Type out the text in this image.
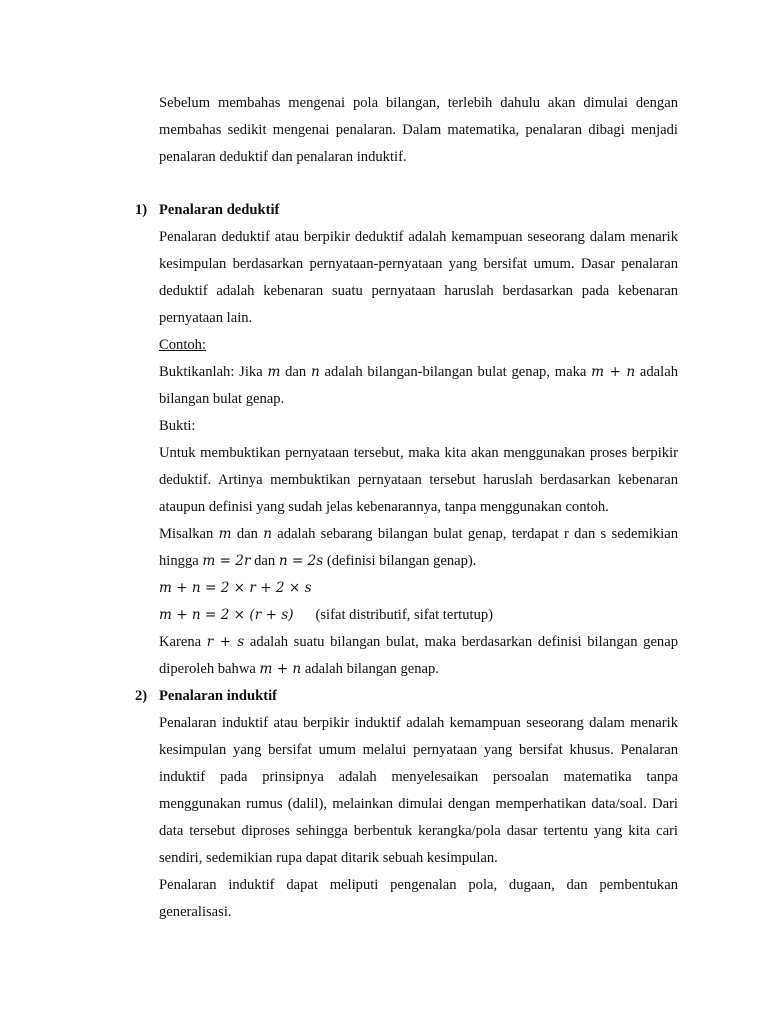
Sebelum membahas mengenai pola bilangan, terlebih dahulu akan dimulai dengan
membahas sedikit mengenai penalaran. Dalam matematika, penalaran dibagi menjadi
penalaran deduktif dan penalaran induktif.
1) Penalaran deduktif
Penalaran deduktif atau berpikir deduktif adalah kemampuan seseorang dalam menarik
kesimpulan berdasarkan pernyataan-pernyataan yang bersifat umum. Dasar penalaran
deduktif adalah kebenaran suatu pernyataan haruslah berdasarkan pada kebenaran
pernyataan lain.
Contoh:
Buktikanlah: Jika m dan n adalah bilangan-bilangan bulat genap, maka m + n adalah
bilangan bulat genap.
Bukti:
Untuk membuktikan pernyataan tersebut, maka kita akan menggunakan proses berpikir
deduktif. Artinya membuktikan pernyataan tersebut haruslah berdasarkan kebenaran
ataupun definisi yang sudah jelas kebenarannya, tanpa menggunakan contoh.
Misalkan m dan n adalah sebarang bilangan bulat genap, terdapat r dan s sedemikian
hingga m = 2r dan n = 2s (definisi bilangan genap).
m + n = 2 × r + 2 × s
m + n = 2 × (r + s) (sifat distributif, sifat tertutup)
Karena r + s adalah suatu bilangan bulat, maka berdasarkan definisi bilangan genap
diperoleh bahwa m + n adalah bilangan genap.
2) Penalaran induktif
Penalaran induktif atau berpikir induktif adalah kemampuan seseorang dalam menarik
kesimpulan yang bersifat umum melalui pernyataan yang bersifat khusus. Penalaran
induktif pada prinsipnya adalah menyelesaikan persoalan matematika tanpa
menggunakan rumus (dalil), melainkan dimulai dengan memperhatikan data/soal. Dari
data tersebut diproses sehingga berbentuk kerangka/pola dasar tertentu yang kita cari
sendiri, sedemikian rupa dapat ditarik sebuah kesimpulan.
Penalaran induktif dapat meliputi pengenalan pola, dugaan, dan pembentukan
generalisasi.
